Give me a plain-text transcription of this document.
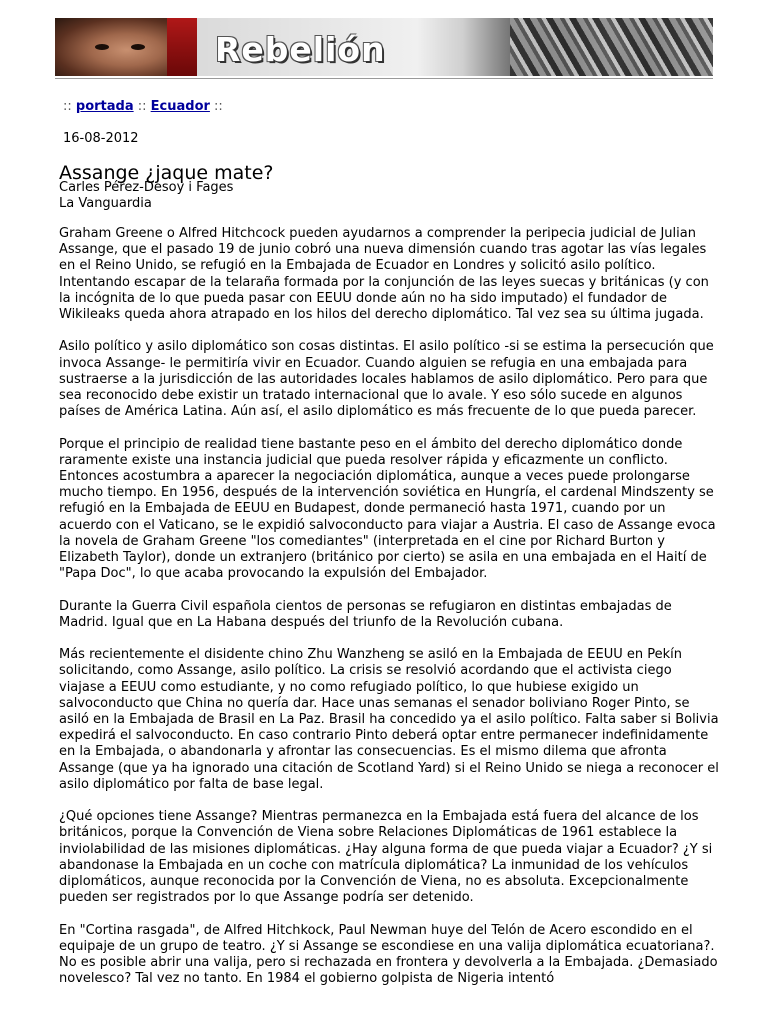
Rebelión
:: portada :: Ecuador ::
16-08-2012
Assange ¿jaque mate?
Carles Pérez-Desoy i Fages
La Vanguardia

Graham Greene o Alfred Hitchcock pueden ayudarnos a comprender la peripecia judicial de Julian Assange, que el pasado 19 de junio cobró una nueva dimensión cuando tras agotar las vías legales en el Reino Unido, se refugió en la Embajada de Ecuador en Londres y solicitó asilo político. Intentando escapar de la telaraña formada por la conjunción de las leyes suecas y británicas (y con la incógnita de lo que pueda pasar con EEUU donde aún no ha sido imputado) el fundador de Wikileaks queda ahora atrapado en los hilos del derecho diplomático. Tal vez sea su última jugada.

Asilo político y asilo diplomático son cosas distintas. El asilo político -si se estima la persecución que invoca Assange- le permitiría vivir en Ecuador. Cuando alguien se refugia en una embajada para sustraerse a la jurisdicción de las autoridades locales hablamos de asilo diplomático. Pero para que sea reconocido debe existir un tratado internacional que lo avale. Y eso sólo sucede en algunos países de América Latina. Aún así, el asilo diplomático es más frecuente de lo que pueda parecer.

Porque el principio de realidad tiene bastante peso en el ámbito del derecho diplomático donde raramente existe una instancia judicial que pueda resolver rápida y eficazmente un conflicto. Entonces acostumbra a aparecer la negociación diplomática, aunque a veces puede prolongarse mucho tiempo. En 1956, después de la intervención soviética en Hungría, el cardenal Mindszenty se refugió en la Embajada de EEUU en Budapest, donde permaneció hasta 1971, cuando por un acuerdo con el Vaticano, se le expidió salvoconducto para viajar a Austria. El caso de Assange evoca la novela de Graham Greene "los comediantes" (interpretada en el cine por Richard Burton y Elizabeth Taylor), donde un extranjero (británico por cierto) se asila en una embajada en el Haití de "Papa Doc", lo que acaba provocando la expulsión del Embajador.

Durante la Guerra Civil española cientos de personas se refugiaron en distintas embajadas de Madrid. Igual que en La Habana después del triunfo de la Revolución cubana.

Más recientemente el disidente chino Zhu Wanzheng se asiló en la Embajada de EEUU en Pekín solicitando, como Assange, asilo político. La crisis se resolvió acordando que el activista ciego viajase a EEUU como estudiante, y no como refugiado político, lo que hubiese exigido un salvoconducto que China no quería dar. Hace unas semanas el senador boliviano Roger Pinto, se asiló en la Embajada de Brasil en La Paz. Brasil ha concedido ya el asilo político. Falta saber si Bolivia expedirá el salvoconducto. En caso contrario Pinto deberá optar entre permanecer indefinidamente en la Embajada, o abandonarla y afrontar las consecuencias. Es el mismo dilema que afronta Assange (que ya ha ignorado una citación de Scotland Yard) si el Reino Unido se niega a reconocer el asilo diplomático por falta de base legal.

¿Qué opciones tiene Assange? Mientras permanezca en la Embajada está fuera del alcance de los británicos, porque la Convención de Viena sobre Relaciones Diplomáticas de 1961 establece la inviolabilidad de las misiones diplomáticas. ¿Hay alguna forma de que pueda viajar a Ecuador? ¿Y si abandonase la Embajada en un coche con matrícula diplomática? La inmunidad de los vehículos diplomáticos, aunque reconocida por la Convención de Viena, no es absoluta. Excepcionalmente pueden ser registrados por lo que Assange podría ser detenido.

En "Cortina rasgada", de Alfred Hitchkock, Paul Newman huye del Telón de Acero escondido en el equipaje de un grupo de teatro. ¿Y si Assange se escondiese en una valija diplomática ecuatoriana?. No es posible abrir una valija, pero si rechazada en frontera y devolverla a la Embajada. ¿Demasiado novelesco? Tal vez no tanto. En 1984 el gobierno golpista de Nigeria intentó
